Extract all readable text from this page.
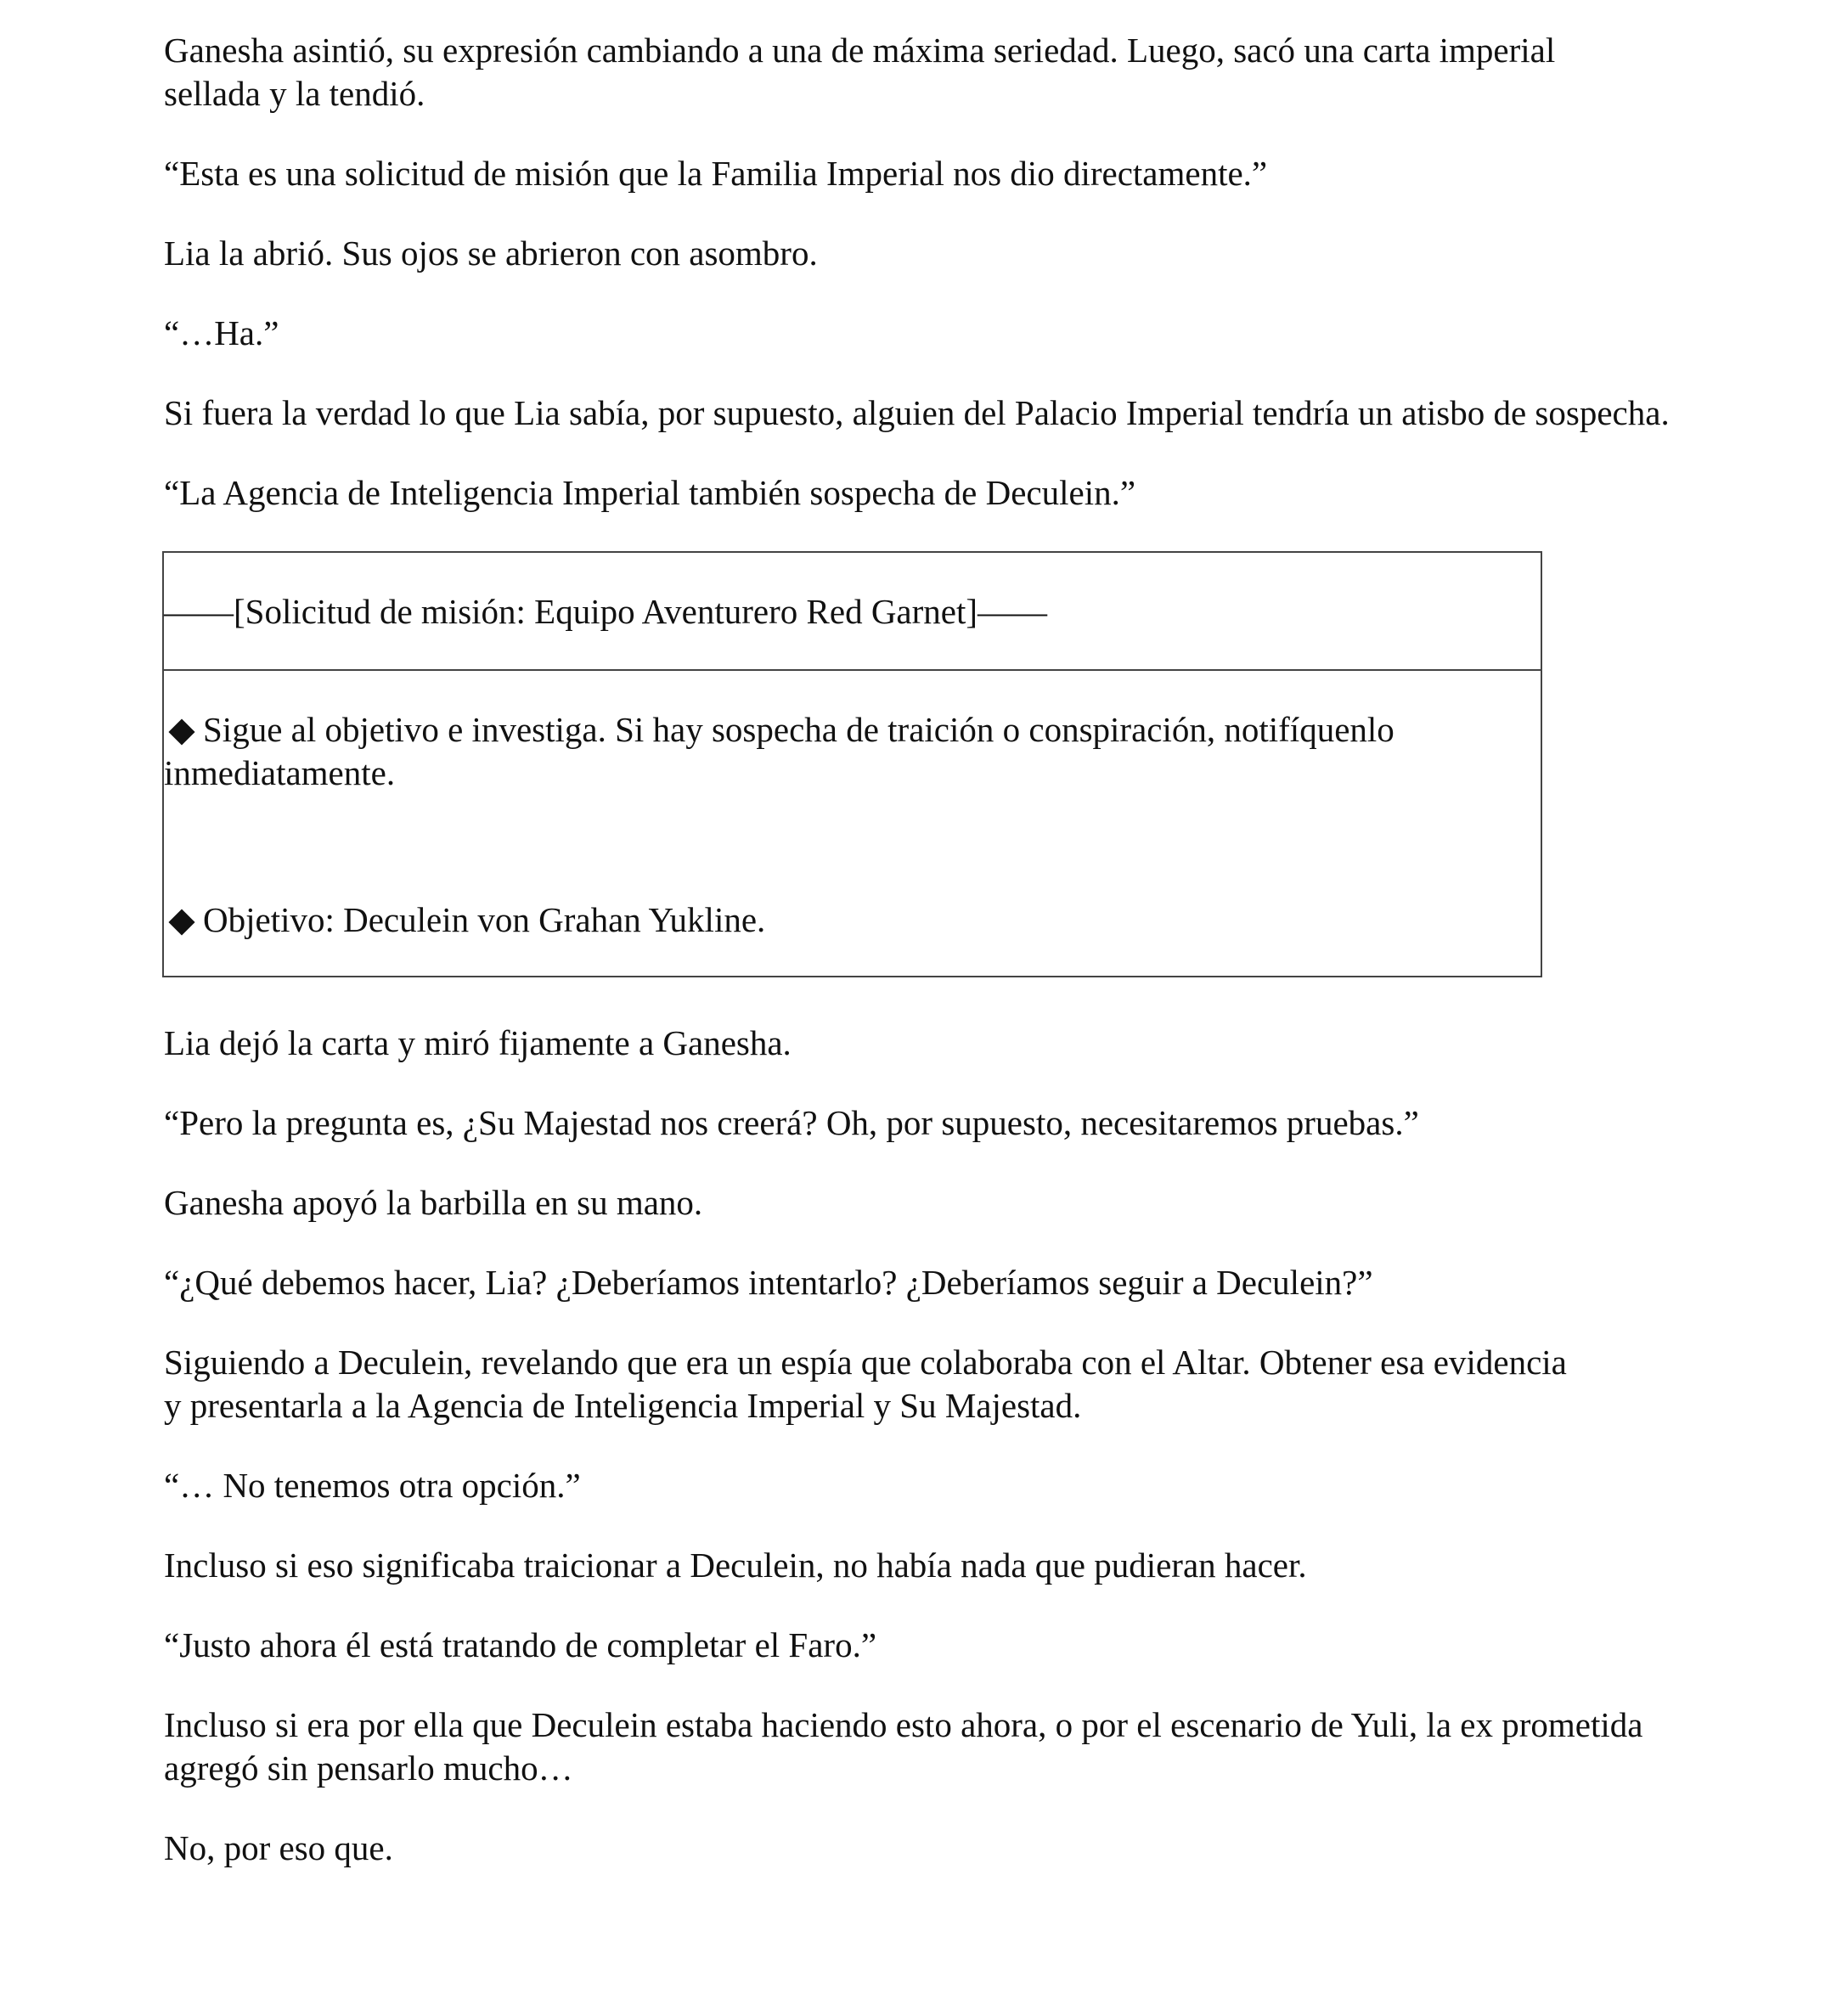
Ganesha asintió, su expresión cambiando a una de máxima seriedad. Luego, sacó una carta imperial sellada y la tendió.

“Esta es una solicitud de misión que la Familia Imperial nos dio directamente.”

Lia la abrió. Sus ojos se abrieron con asombro.

“…Ha.”

Si fuera la verdad lo que Lia sabía, por supuesto, alguien del Palacio Imperial tendría un atisbo de sospecha.

“La Agencia de Inteligencia Imperial también sospecha de Deculein.”

——[Solicitud de misión: Equipo Aventurero Red Garnet]——

Sigue al objetivo e investiga. Si hay sospecha de traición o conspiración, notifíquenlo inmediatamente.

Objetivo: Deculein von Grahan Yukline.

Lia dejó la carta y miró fijamente a Ganesha.

“Pero la pregunta es, ¿Su Majestad nos creerá? Oh, por supuesto, necesitaremos pruebas.”

Ganesha apoyó la barbilla en su mano.

“¿Qué debemos hacer, Lia? ¿Deberíamos intentarlo? ¿Deberíamos seguir a Deculein?”

Siguiendo a Deculein, revelando que era un espía que colaboraba con el Altar. Obtener esa evidencia y presentarla a la Agencia de Inteligencia Imperial y Su Majestad.

“… No tenemos otra opción.”

Incluso si eso significaba traicionar a Deculein, no había nada que pudieran hacer.

“Justo ahora él está tratando de completar el Faro.”

Incluso si era por ella que Deculein estaba haciendo esto ahora, o por el escenario de Yuli, la ex prometida agregó sin pensarlo mucho…

No, por eso que.
